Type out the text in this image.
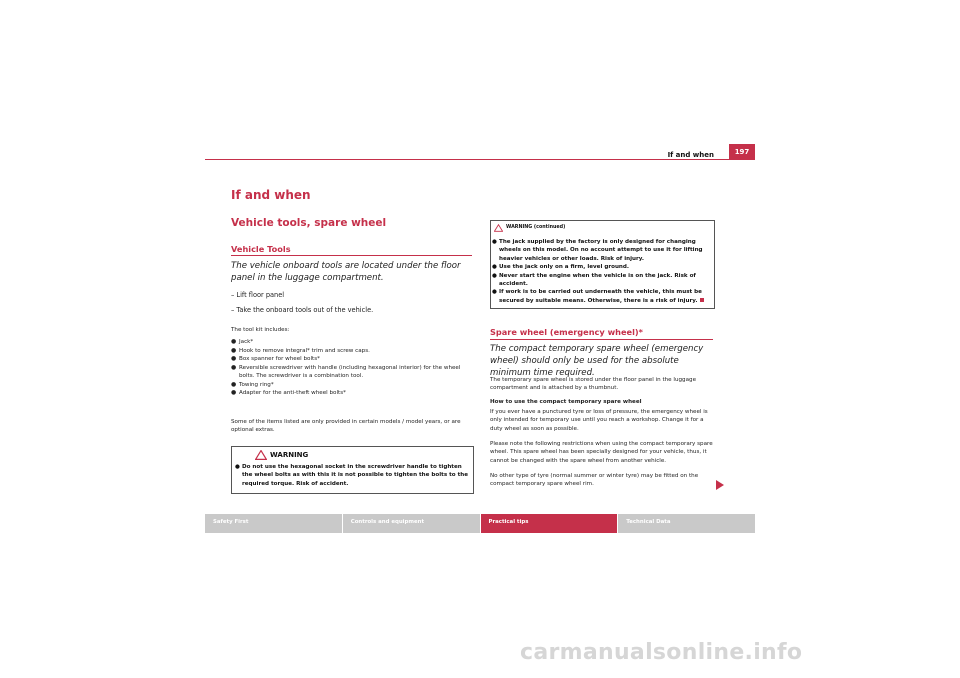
If and when	197
If and when
Vehicle tools, spare wheel
Vehicle Tools
The vehicle onboard tools are located under the floor panel in the luggage compartment.
– Lift floor panel
– Take the onboard tools out of the vehicle.
The tool kit includes:
● Jack*
● Hook to remove integral* trim and screw caps.
● Box spanner for wheel bolts*
● Reversible screwdriver with handle (including hexagonal interior) for the wheel bolts. The screwdriver is a combination tool.
● Towing ring*
● Adapter for the anti-theft wheel bolts*
Some of the items listed are only provided in certain models / model years, or are optional extras.
WARNING
● Do not use the hexagonal socket in the screwdriver handle to tighten the wheel bolts as with this it is not possible to tighten the bolts to the required torque. Risk of accident.
WARNING (continued)
● The jack supplied by the factory is only designed for changing wheels on this model. On no account attempt to use it for lifting heavier vehicles or other loads. Risk of injury.
● Use the jack only on a firm, level ground.
● Never start the engine when the vehicle is on the jack. Risk of accident.
● If work is to be carried out underneath the vehicle, this must be secured by suitable means. Otherwise, there is a risk of injury.
Spare wheel (emergency wheel)*
The compact temporary spare wheel (emergency wheel) should only be used for the absolute minimum time required.
The temporary spare wheel is stored under the floor panel in the luggage compartment and is attached by a thumbnut.
How to use the compact temporary spare wheel
If you ever have a punctured tyre or loss of pressure, the emergency wheel is only intended for temporary use until you reach a workshop. Change it for a duty wheel as soon as possible.
Please note the following restrictions when using the compact temporary spare wheel. This spare wheel has been specially designed for your vehicle, thus, it cannot be changed with the spare wheel from another vehicle.
No other type of tyre (normal summer or winter tyre) may be fitted on the compact temporary spare wheel rim.
Safety First	Controls and equipment	Practical tips	Technical Data
carmanualsonline.info
